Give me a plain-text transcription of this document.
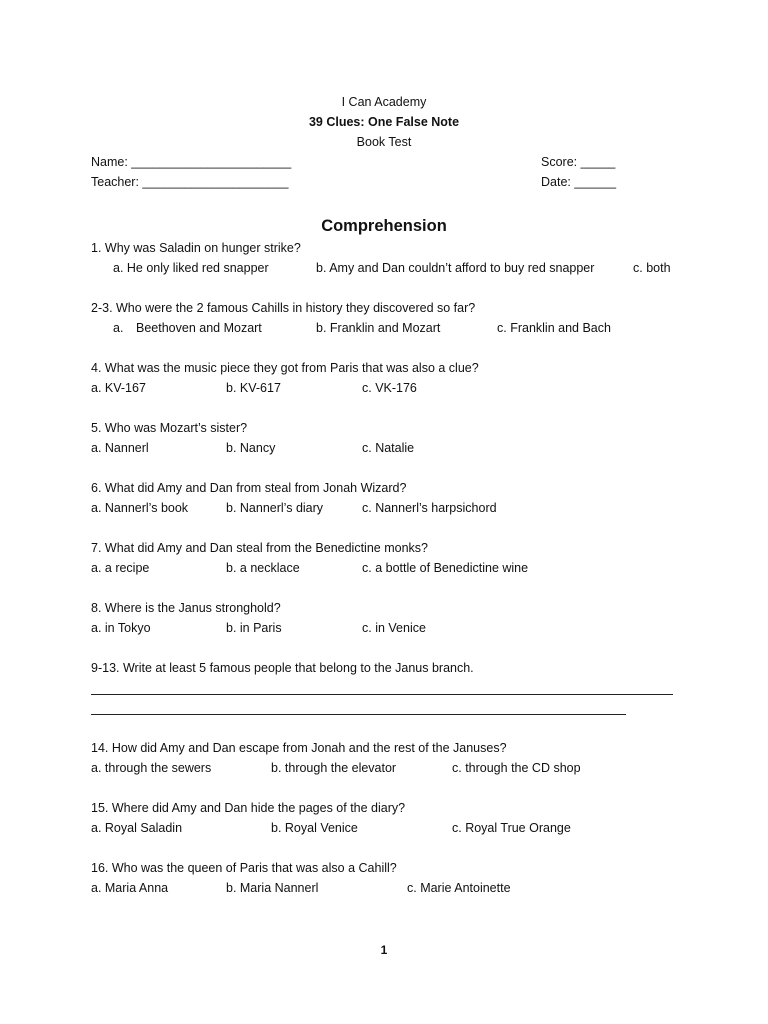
I Can Academy
39 Clues: One False Note
Book Test
Name: _______________________	Score: _____
Teacher: _____________________	Date: ______
Comprehension
1. Why was Saladin on hunger strike?
a. He only liked red snapper	b. Amy and Dan couldn’t afford to buy red snapper	c. both
2-3. Who were the 2 famous Cahills in history they discovered so far?
a. Beethoven and Mozart	b. Franklin and Mozart	c. Franklin and Bach
4. What was the music piece they got from Paris that was also a clue?
a. KV-167	b. KV-617	c. VK-176
5. Who was Mozart’s sister?
a. Nannerl	b. Nancy	c. Natalie
6. What did Amy and Dan from steal from Jonah Wizard?
a. Nannerl’s book	b. Nannerl’s diary	c. Nannerl’s harpsichord
7. What did Amy and Dan steal from the Benedictine monks?
a. a recipe	b. a necklace	c. a bottle of Benedictine wine
8. Where is the Janus stronghold?
a. in Tokyo	b. in Paris	c. in Venice
9-13. Write at least 5 famous people that belong to the Janus branch.
14. How did Amy and Dan escape from Jonah and the rest of the Januses?
a. through the sewers	b. through the elevator	c. through the CD shop
15. Where did Amy and Dan hide the pages of the diary?
a. Royal Saladin	b. Royal Venice	c. Royal True Orange
16. Who was the queen of Paris that was also a Cahill?
a. Maria Anna	b. Maria Nannerl	c. Marie Antoinette
1
